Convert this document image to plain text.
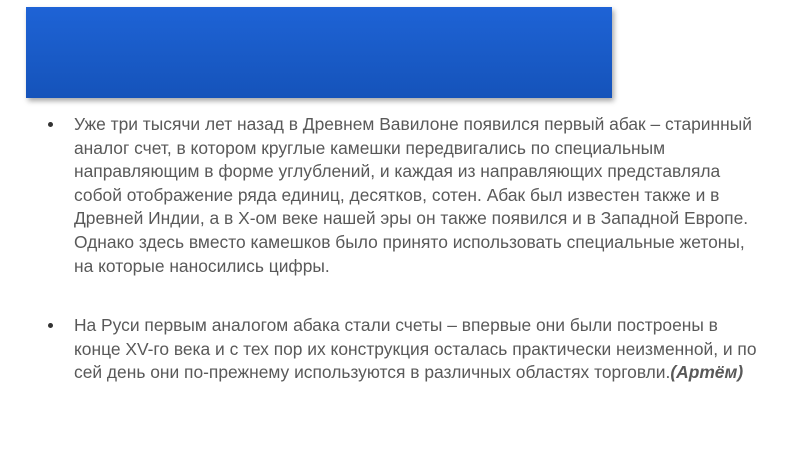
Уже три тысячи лет назад в Древнем Вавилоне появился первый абак – старинный аналог счет, в котором круглые камешки передвигались по специальным направляющим в форме углублений, и каждая из направляющих представляла собой отображение ряда единиц, десятков, сотен. Абак был известен также и в Древней Индии, а в Х-ом веке нашей эры он также появился и в Западной Европе. Однако здесь вместо камешков было принято использовать специальные жетоны, на которые наносились цифры.
На Руси первым аналогом абака стали счеты – впервые они были построены в конце XV-го века и с тех пор их конструкция осталась практически неизменной, и по сей день они по-прежнему используются в различных областях торговли.(Артём)
